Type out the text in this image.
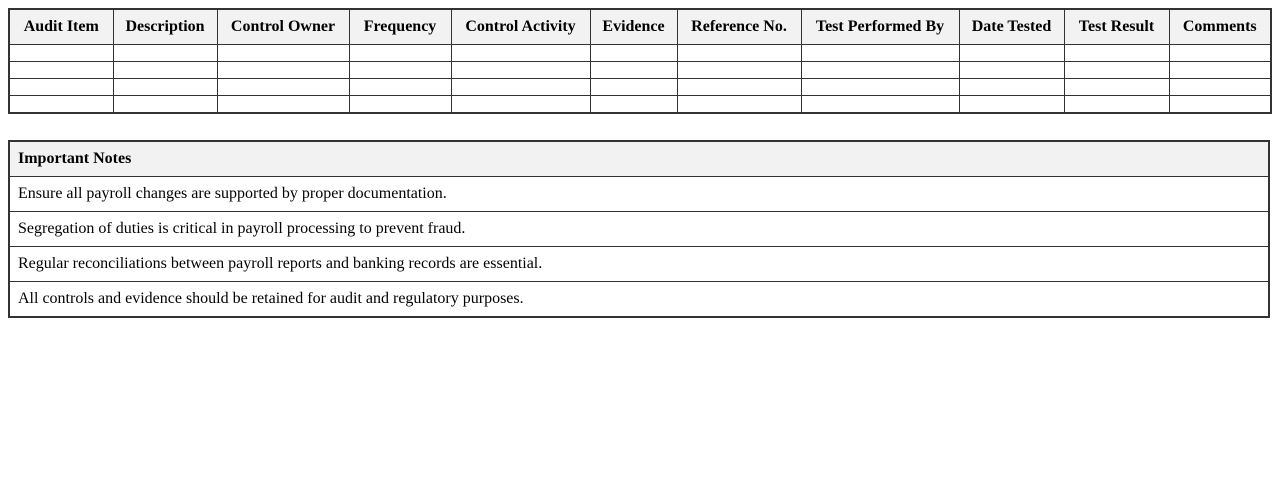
Audit Item	Description	Control Owner	Frequency	Control Activity	Evidence	Reference No.	Test Performed By	Date Tested	Test Result	Comments

Important Notes
Ensure all payroll changes are supported by proper documentation.
Segregation of duties is critical in payroll processing to prevent fraud.
Regular reconciliations between payroll reports and banking records are essential.
All controls and evidence should be retained for audit and regulatory purposes.
